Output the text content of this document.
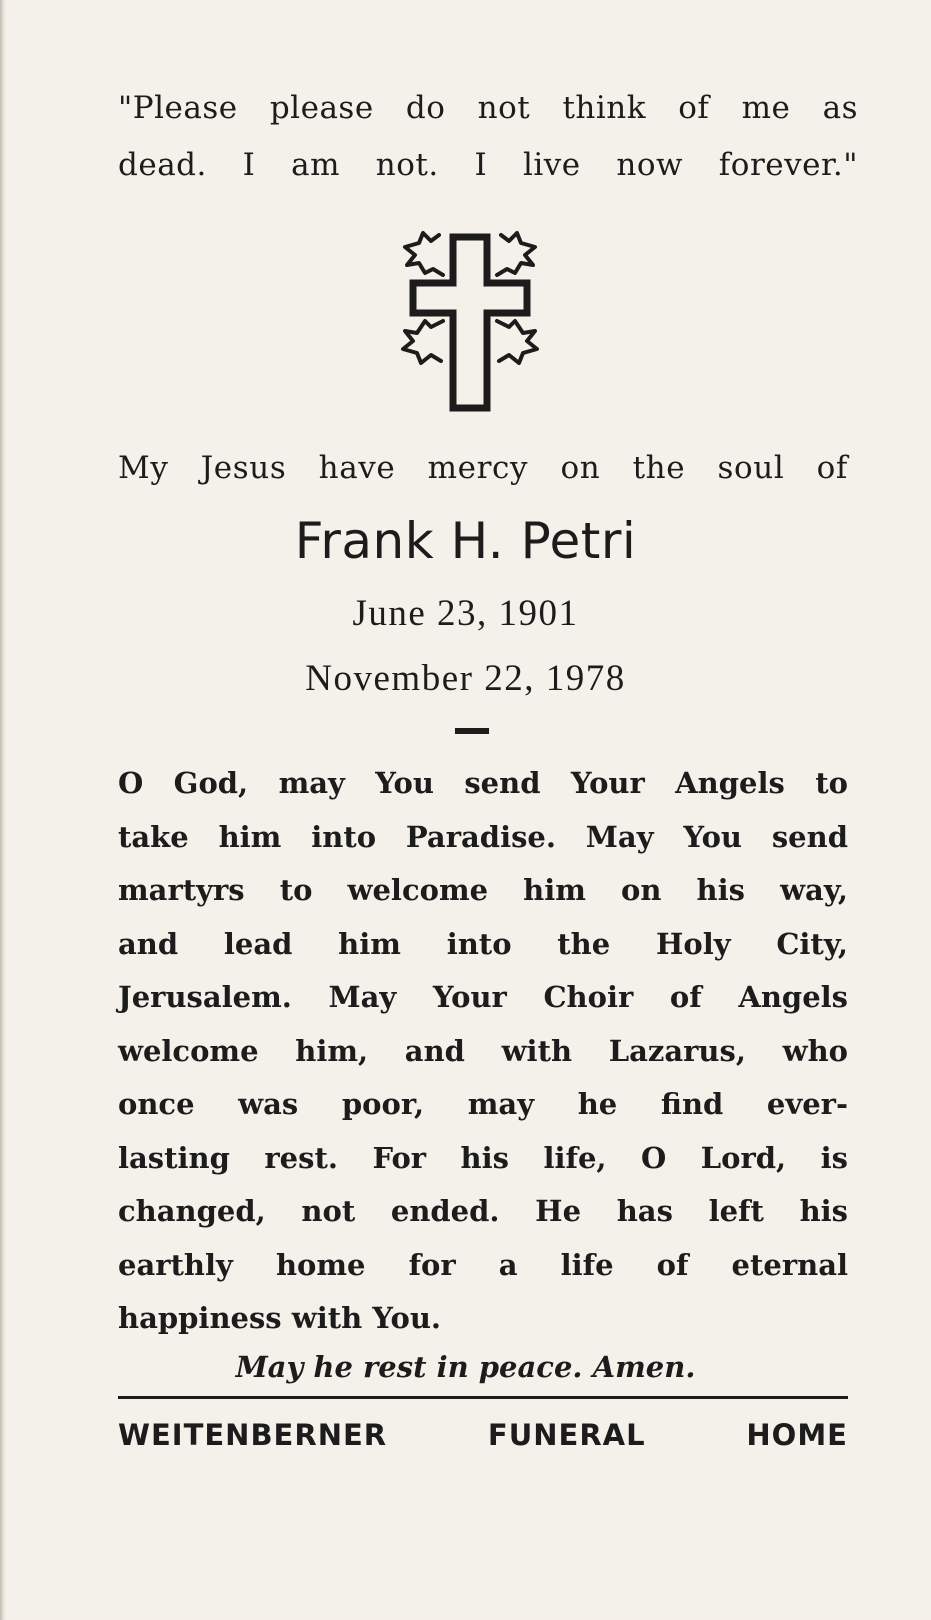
"Please please do not think of me as
dead. I am not. I live now forever."
My Jesus have mercy on the soul of
Frank H. Petri
June 23, 1901
November 22, 1978
O God, may You send Your Angels to
take him into Paradise. May You send
martyrs to welcome him on his way,
and lead him into the Holy City,
Jerusalem. May Your Choir of Angels
welcome him, and with Lazarus, who
once was poor, may he find ever-
lasting rest. For his life, O Lord, is
changed, not ended. He has left his
earthly home for a life of eternal
happiness with You.
May he rest in peace. Amen.
WEITENBERNER FUNERAL HOME
